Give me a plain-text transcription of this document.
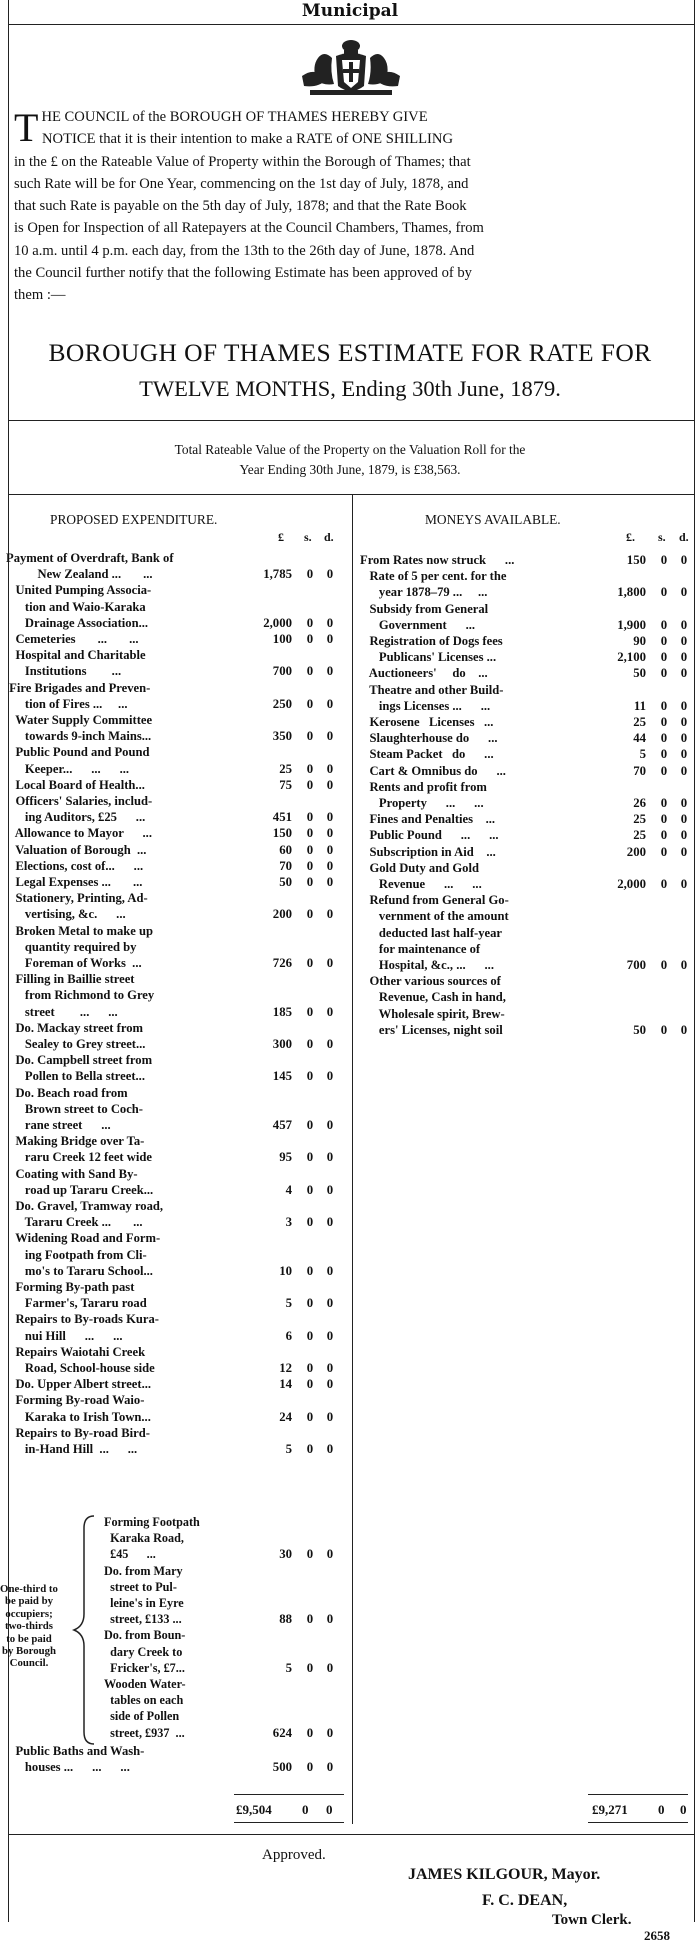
Municipal
THE COUNCIL of the BOROUGH OF THAMES HEREBY GIVE
NOTICE that it is their intention to make a RATE of ONE SHILLING
in the £ on the Rateable Value of Property within the Borough of Thames; that
such Rate will be for One Year, commencing on the 1st day of July, 1878, and
that such Rate is payable on the 5th day of July, 1878; and that the Rate Book
is Open for Inspection of all Ratepayers at the Council Chambers, Thames, from
10 a.m. until 4 p.m. each day, from the 13th to the 26th day of June, 1878. And
the Council further notify that the following Estimate has been approved of by
them :—
BOROUGH OF THAMES ESTIMATE FOR RATE FOR
TWELVE MONTHS, Ending 30th June, 1879.
Total Rateable Value of the Property on the Valuation Roll for the
Year Ending 30th June, 1879, is £38,563.
PROPOSED EXPENDITURE.
£ s. d.
MONEYS AVAILABLE.
£. s. d.
Payment of Overdraft, Bank of
New Zealand ...       ...	1,785 0 0
United Pumping Associa-
tion and Waio-Karaka
Drainage Association...	2,000 0 0
Cemeteries       ...       ...	100 0 0
Hospital and Charitable
Institutions        ...	700 0 0
Fire Brigades and Preven-
tion of Fires ...     ...	250 0 0
Water Supply Committee
towards 9-inch Mains...	350 0 0
Public Pound and Pound
Keeper...      ...      ...	25 0 0
Local Board of Health...	75 0 0
Officers' Salaries, includ-
ing Auditors, £25      ...	451 0 0
Allowance to Mayor      ...	150 0 0
Valuation of Borough  ...	60 0 0
Elections, cost of...      ...	70 0 0
Legal Expenses ...       ...	50 0 0
Stationery, Printing, Ad-
vertising, &c.      ...	200 0 0
Broken Metal to make up
quantity required by
Foreman of Works  ...	726 0 0
Filling in Baillie street
from Richmond to Grey
street        ...      ...	185 0 0
Do. Mackay street from
Sealey to Grey street...	300 0 0
Do. Campbell street from
Pollen to Bella street...	145 0 0
Do. Beach road from
Brown street to Coch-
rane street      ...	457 0 0
Making Bridge over Ta-
raru Creek 12 feet wide	95 0 0
Coating with Sand By-
road up Tararu Creek...	4 0 0
Do. Gravel, Tramway road,
Tararu Creek ...       ...	3 0 0
Widening Road and Form-
ing Footpath from Cli-
mo's to Tararu School...	10 0 0
Forming By-path past
Farmer's, Tararu road	5 0 0
Repairs to By-roads Kura-
nui Hill      ...      ...	6 0 0
Repairs Waiotahi Creek
Road, School-house side	12 0 0
Do. Upper Albert street...	14 0 0
Forming By-road Waio-
Karaka to Irish Town...	24 0 0
Repairs to By-road Bird-
in-Hand Hill  ...      ...	5 0 0
From Rates now struck      ...	150 0 0
Rate of 5 per cent. for the
year 1878–79 ...     ...	1,800 0 0
Subsidy from General
Government      ...	1,900 0 0
Registration of Dogs fees	90 0 0
Publicans' Licenses ...	2,100 0 0
Auctioneers'     do    ...	50 0 0
Theatre and other Build-
ings Licenses ...      ...	11 0 0
Kerosene   Licenses   ...	25 0 0
Slaughterhouse do      ...	44 0 0
Steam Packet   do      ...	5 0 0
Cart & Omnibus do      ...	70 0 0
Rents and profit from
Property      ...      ...	26 0 0
Fines and Penalties    ...	25 0 0
Public Pound      ...      ...	25 0 0
Subscription in Aid    ...	200 0 0
Gold Duty and Gold
Revenue      ...      ...	2,000 0 0
Refund from General Go-
vernment of the amount
deducted last half-year
for maintenance of
Hospital, &c., ...      ...	700 0 0
Other various sources of
Revenue, Cash in hand,
Wholesale spirit, Brew-
ers' Licenses, night soil	50 0 0
One-third to be paid by occupiers; two-thirds to be paid by Borough Council.
Forming Footpath
Karaka Road,
£45      ...	30 0 0
Do. from Mary
street to Pul-
leine's in Eyre
street, £133 ...	88 0 0
Do. from Boun-
dary Creek to
Fricker's, £7...	5 0 0
Wooden Water-
tables on each
side of Pollen
street, £937  ...	624 0 0
Public Baths and Wash-
houses ...      ...      ...	500 0 0
£9,504 0 0	£9,271 0 0
Approved.
JAMES KILGOUR, Mayor.
F. C. DEAN,
Town Clerk.
2658
